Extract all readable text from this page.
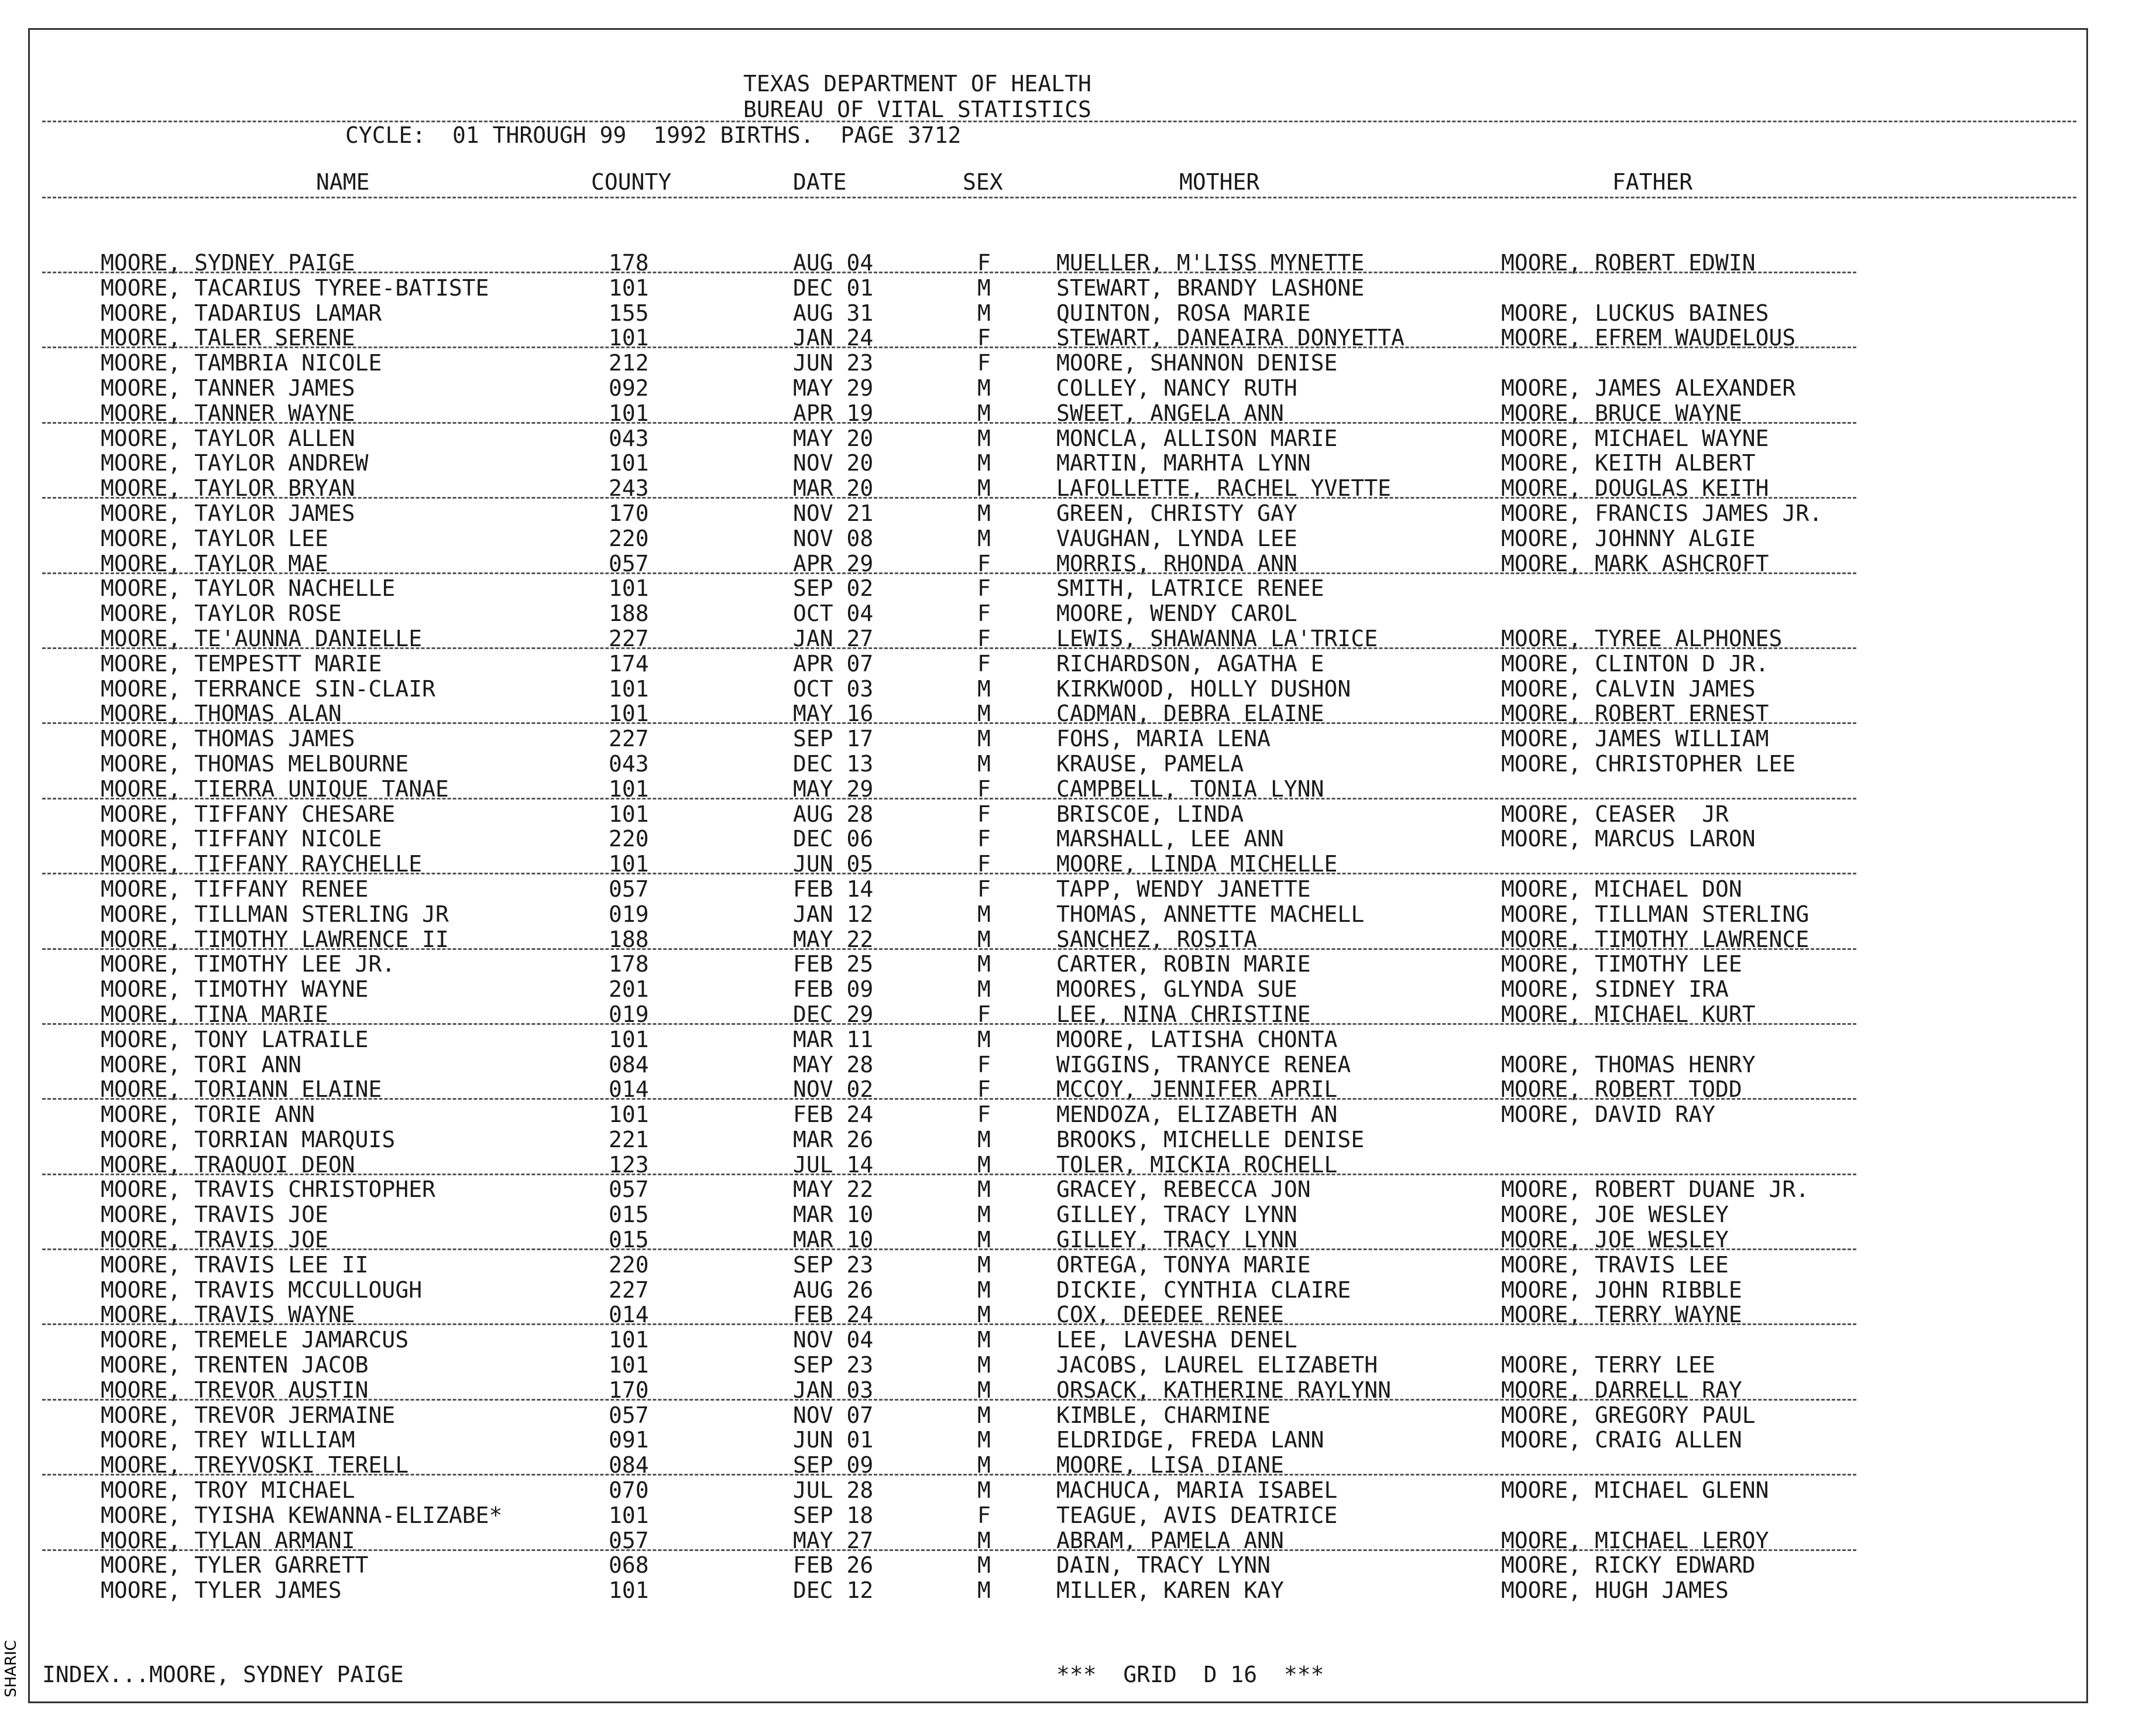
TEXAS DEPARTMENT OF HEALTH
BUREAU OF VITAL STATISTICS
CYCLE:  01 THROUGH 99  1992 BIRTHS.  PAGE 3712
NAME	COUNTY	DATE	SEX	MOTHER	FATHER
MOORE, SYDNEY PAIGE	178	AUG 04	F	MUELLER, M'LISS MYNETTE	MOORE, ROBERT EDWIN
MOORE, TACARIUS TYREE-BATISTE	101	DEC 01	M	STEWART, BRANDY LASHONE
MOORE, TADARIUS LAMAR	155	AUG 31	M	QUINTON, ROSA MARIE	MOORE, LUCKUS BAINES
MOORE, TALER SERENE	101	JAN 24	F	STEWART, DANEAIRA DONYETTA	MOORE, EFREM WAUDELOUS
MOORE, TAMBRIA NICOLE	212	JUN 23	F	MOORE, SHANNON DENISE
MOORE, TANNER JAMES	092	MAY 29	M	COLLEY, NANCY RUTH	MOORE, JAMES ALEXANDER
MOORE, TANNER WAYNE	101	APR 19	M	SWEET, ANGELA ANN	MOORE, BRUCE WAYNE
MOORE, TAYLOR ALLEN	043	MAY 20	M	MONCLA, ALLISON MARIE	MOORE, MICHAEL WAYNE
MOORE, TAYLOR ANDREW	101	NOV 20	M	MARTIN, MARHTA LYNN	MOORE, KEITH ALBERT
MOORE, TAYLOR BRYAN	243	MAR 20	M	LAFOLLETTE, RACHEL YVETTE	MOORE, DOUGLAS KEITH
MOORE, TAYLOR JAMES	170	NOV 21	M	GREEN, CHRISTY GAY	MOORE, FRANCIS JAMES JR.
MOORE, TAYLOR LEE	220	NOV 08	M	VAUGHAN, LYNDA LEE	MOORE, JOHNNY ALGIE
MOORE, TAYLOR MAE	057	APR 29	F	MORRIS, RHONDA ANN	MOORE, MARK ASHCROFT
MOORE, TAYLOR NACHELLE	101	SEP 02	F	SMITH, LATRICE RENEE
MOORE, TAYLOR ROSE	188	OCT 04	F	MOORE, WENDY CAROL
MOORE, TE'AUNNA DANIELLE	227	JAN 27	F	LEWIS, SHAWANNA LA'TRICE	MOORE, TYREE ALPHONES
MOORE, TEMPESTT MARIE	174	APR 07	F	RICHARDSON, AGATHA E	MOORE, CLINTON D JR.
MOORE, TERRANCE SIN-CLAIR	101	OCT 03	M	KIRKWOOD, HOLLY DUSHON	MOORE, CALVIN JAMES
MOORE, THOMAS ALAN	101	MAY 16	M	CADMAN, DEBRA ELAINE	MOORE, ROBERT ERNEST
MOORE, THOMAS JAMES	227	SEP 17	M	FOHS, MARIA LENA	MOORE, JAMES WILLIAM
MOORE, THOMAS MELBOURNE	043	DEC 13	M	KRAUSE, PAMELA	MOORE, CHRISTOPHER LEE
MOORE, TIERRA UNIQUE TANAE	101	MAY 29	F	CAMPBELL, TONIA LYNN
MOORE, TIFFANY CHESARE	101	AUG 28	F	BRISCOE, LINDA	MOORE, CEASER  JR
MOORE, TIFFANY NICOLE	220	DEC 06	F	MARSHALL, LEE ANN	MOORE, MARCUS LARON
MOORE, TIFFANY RAYCHELLE	101	JUN 05	F	MOORE, LINDA MICHELLE
MOORE, TIFFANY RENEE	057	FEB 14	F	TAPP, WENDY JANETTE	MOORE, MICHAEL DON
MOORE, TILLMAN STERLING JR	019	JAN 12	M	THOMAS, ANNETTE MACHELL	MOORE, TILLMAN STERLING
MOORE, TIMOTHY LAWRENCE II	188	MAY 22	M	SANCHEZ, ROSITA	MOORE, TIMOTHY LAWRENCE
MOORE, TIMOTHY LEE JR.	178	FEB 25	M	CARTER, ROBIN MARIE	MOORE, TIMOTHY LEE
MOORE, TIMOTHY WAYNE	201	FEB 09	M	MOORES, GLYNDA SUE	MOORE, SIDNEY IRA
MOORE, TINA MARIE	019	DEC 29	F	LEE, NINA CHRISTINE	MOORE, MICHAEL KURT
MOORE, TONY LATRAILE	101	MAR 11	M	MOORE, LATISHA CHONTA
MOORE, TORI ANN	084	MAY 28	F	WIGGINS, TRANYCE RENEA	MOORE, THOMAS HENRY
MOORE, TORIANN ELAINE	014	NOV 02	F	MCCOY, JENNIFER APRIL	MOORE, ROBERT TODD
MOORE, TORIE ANN	101	FEB 24	F	MENDOZA, ELIZABETH AN	MOORE, DAVID RAY
MOORE, TORRIAN MARQUIS	221	MAR 26	M	BROOKS, MICHELLE DENISE
MOORE, TRAQUOI DEON	123	JUL 14	M	TOLER, MICKIA ROCHELL
MOORE, TRAVIS CHRISTOPHER	057	MAY 22	M	GRACEY, REBECCA JON	MOORE, ROBERT DUANE JR.
MOORE, TRAVIS JOE	015	MAR 10	M	GILLEY, TRACY LYNN	MOORE, JOE WESLEY
MOORE, TRAVIS JOE	015	MAR 10	M	GILLEY, TRACY LYNN	MOORE, JOE WESLEY
MOORE, TRAVIS LEE II	220	SEP 23	M	ORTEGA, TONYA MARIE	MOORE, TRAVIS LEE
MOORE, TRAVIS MCCULLOUGH	227	AUG 26	M	DICKIE, CYNTHIA CLAIRE	MOORE, JOHN RIBBLE
MOORE, TRAVIS WAYNE	014	FEB 24	M	COX, DEEDEE RENEE	MOORE, TERRY WAYNE
MOORE, TREMELE JAMARCUS	101	NOV 04	M	LEE, LAVESHA DENEL
MOORE, TRENTEN JACOB	101	SEP 23	M	JACOBS, LAUREL ELIZABETH	MOORE, TERRY LEE
MOORE, TREVOR AUSTIN	170	JAN 03	M	ORSACK, KATHERINE RAYLYNN	MOORE, DARRELL RAY
MOORE, TREVOR JERMAINE	057	NOV 07	M	KIMBLE, CHARMINE	MOORE, GREGORY PAUL
MOORE, TREY WILLIAM	091	JUN 01	M	ELDRIDGE, FREDA LANN	MOORE, CRAIG ALLEN
MOORE, TREYVOSKI TERELL	084	SEP 09	M	MOORE, LISA DIANE
MOORE, TROY MICHAEL	070	JUL 28	M	MACHUCA, MARIA ISABEL	MOORE, MICHAEL GLENN
MOORE, TYISHA KEWANNA-ELIZABE*	101	SEP 18	F	TEAGUE, AVIS DEATRICE
MOORE, TYLAN ARMANI	057	MAY 27	M	ABRAM, PAMELA ANN	MOORE, MICHAEL LEROY
MOORE, TYLER GARRETT	068	FEB 26	M	DAIN, TRACY LYNN	MOORE, RICKY EDWARD
MOORE, TYLER JAMES	101	DEC 12	M	MILLER, KAREN KAY	MOORE, HUGH JAMES
INDEX...MOORE, SYDNEY PAIGE	***  GRID  D 16  ***
SHARIC
